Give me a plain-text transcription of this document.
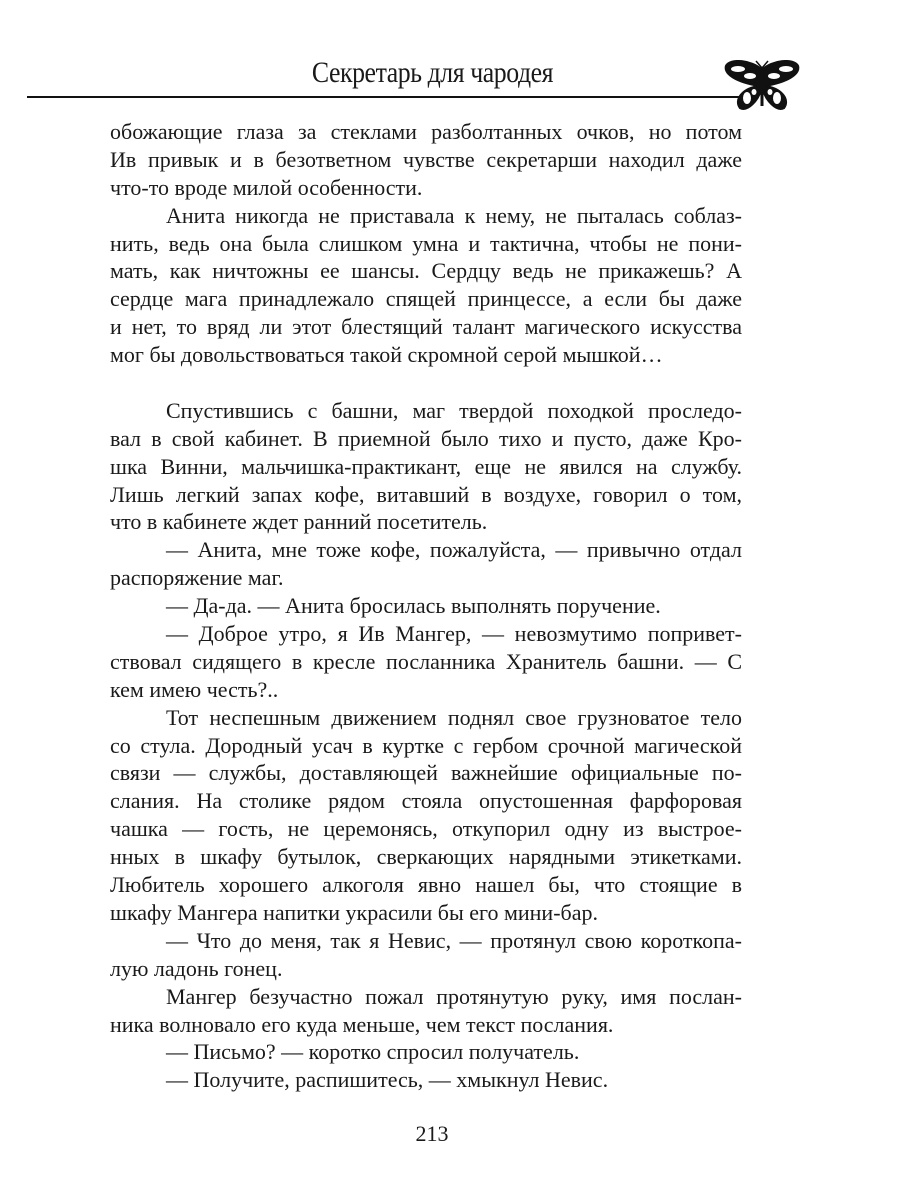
Секретарь для чародея
обожающие глаза за стеклами разболтанных очков, но потом
Ив привык и в безответном чувстве секретарши находил даже
что-то вроде милой особенности.
Анита никогда не приставала к нему, не пыталась соблаз-
нить, ведь она была слишком умна и тактична, чтобы не пони-
мать, как ничтожны ее шансы. Сердцу ведь не прикажешь? А
сердце мага принадлежало спящей принцессе, а если бы даже
и нет, то вряд ли этот блестящий талант магического искусства
мог бы довольствоваться такой скромной серой мышкой…
Спустившись с башни, маг твердой походкой проследо-
вал в свой кабинет. В приемной было тихо и пусто, даже Кро-
шка Винни, мальчишка-практикант, еще не явился на службу.
Лишь легкий запах кофе, витавший в воздухе, говорил о том,
что в кабинете ждет ранний посетитель.
— Анита, мне тоже кофе, пожалуйста, — привычно отдал
распоряжение маг.
— Да-да. — Анита бросилась выполнять поручение.
— Доброе утро, я Ив Мангер, — невозмутимо попривет-
ствовал сидящего в кресле посланника Хранитель башни. — С
кем имею честь?..
Тот неспешным движением поднял свое грузноватое тело
со стула. Дородный усач в куртке с гербом срочной магической
связи — службы, доставляющей важнейшие официальные по-
слания. На столике рядом стояла опустошенная фарфоровая
чашка — гость, не церемонясь, откупорил одну из выстрое-
нных в шкафу бутылок, сверкающих нарядными этикетками.
Любитель хорошего алкоголя явно нашел бы, что стоящие в
шкафу Мангера напитки украсили бы его мини-бар.
— Что до меня, так я Невис, — протянул свою короткопа-
лую ладонь гонец.
Мангер безучастно пожал протянутую руку, имя послан-
ника волновало его куда меньше, чем текст послания.
— Письмо? — коротко спросил получатель.
— Получите, распишитесь, — хмыкнул Невис.
213
